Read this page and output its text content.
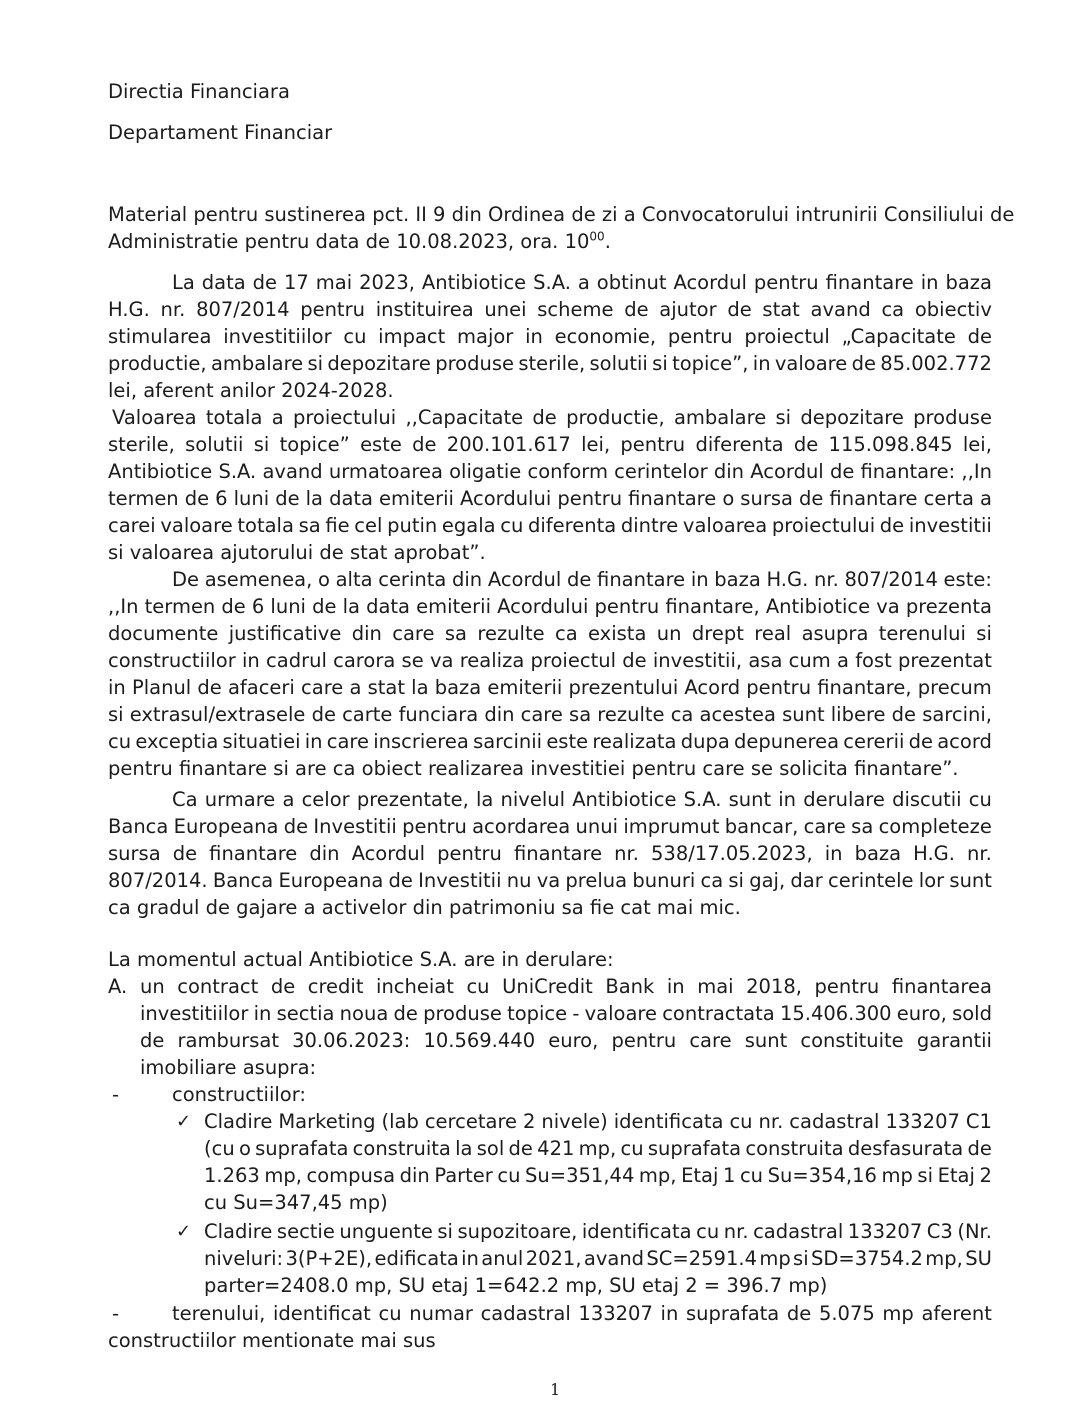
Directia Financiara
Departament Financiar
Material pentru sustinerea pct. II 9 din Ordinea de zi a Convocatorului intrunirii Consiliului de
Administratie pentru data de 10.08.2023, ora. $10^{00}$.
La data de 17 mai 2023, Antibiotice S.A. a obtinut Acordul pentru finantare in baza
H.G. nr. 807/2014 pentru instituirea unei scheme de ajutor de stat avand ca obiectiv
stimularea investitiilor cu impact major in economie, pentru proiectul „Capacitate de
productie, ambalare si depozitare produse sterile, solutii si topice”, in valoare de 85.002.772
lei, aferent anilor 2024-2028.
Valoarea totala a proiectului ,,Capacitate de productie, ambalare si depozitare produse
sterile, solutii si topice” este de 200.101.617 lei, pentru diferenta de 115.098.845 lei,
Antibiotice S.A. avand urmatoarea oligatie conform cerintelor din Acordul de finantare: ,,In
termen de 6 luni de la data emiterii Acordului pentru finantare o sursa de finantare certa a
carei valoare totala sa fie cel putin egala cu diferenta dintre valoarea proiectului de investitii
si valoarea ajutorului de stat aprobat”.
De asemenea, o alta cerinta din Acordul de finantare in baza H.G. nr. 807/2014 este:
,,In termen de 6 luni de la data emiterii Acordului pentru finantare, Antibiotice va prezenta
documente justificative din care sa rezulte ca exista un drept real asupra terenului si
constructiilor in cadrul carora se va realiza proiectul de investitii, asa cum a fost prezentat
in Planul de afaceri care a stat la baza emiterii prezentului Acord pentru finantare, precum
si extrasul/extrasele de carte funciara din care sa rezulte ca acestea sunt libere de sarcini,
cu exceptia situatiei in care inscrierea sarcinii este realizata dupa depunerea cererii de acord
pentru finantare si are ca obiect realizarea investitiei pentru care se solicita finantare”.
Ca urmare a celor prezentate, la nivelul Antibiotice S.A. sunt in derulare discutii cu
Banca Europeana de Investitii pentru acordarea unui imprumut bancar, care sa completeze
sursa de finantare din Acordul pentru finantare nr. 538/17.05.2023, in baza H.G. nr.
807/2014. Banca Europeana de Investitii nu va prelua bunuri ca si gaj, dar cerintele lor sunt
ca gradul de gajare a activelor din patrimoniu sa fie cat mai mic.
La momentul actual Antibiotice S.A. are in derulare:
A. un contract de credit incheiat cu UniCredit Bank in mai 2018, pentru finantarea
investitiilor in sectia noua de produse topice - valoare contractata 15.406.300 euro, sold
de rambursat 30.06.2023: 10.569.440 euro, pentru care sunt constituite garantii
imobiliare asupra:
-	constructiilor:
✓ Cladire Marketing (lab cercetare 2 nivele) identificata cu nr. cadastral 133207 C1
(cu o suprafata construita la sol de 421 mp, cu suprafata construita desfasurata de
1.263 mp, compusa din Parter cu Su=351,44 mp, Etaj 1 cu Su=354,16 mp si Etaj 2
cu Su=347,45 mp)
✓ Cladire sectie unguente si supozitoare, identificata cu nr. cadastral 133207 C3 (Nr.
niveluri: 3(P+2E), edificata in anul 2021, avand SC=2591.4 mp si SD=3754.2 mp, SU
parter=2408.0 mp, SU etaj 1=642.2 mp, SU etaj 2 = 396.7 mp)
-	terenului, identificat cu numar cadastral 133207 in suprafata de 5.075 mp aferent
constructiilor mentionate mai sus
1
